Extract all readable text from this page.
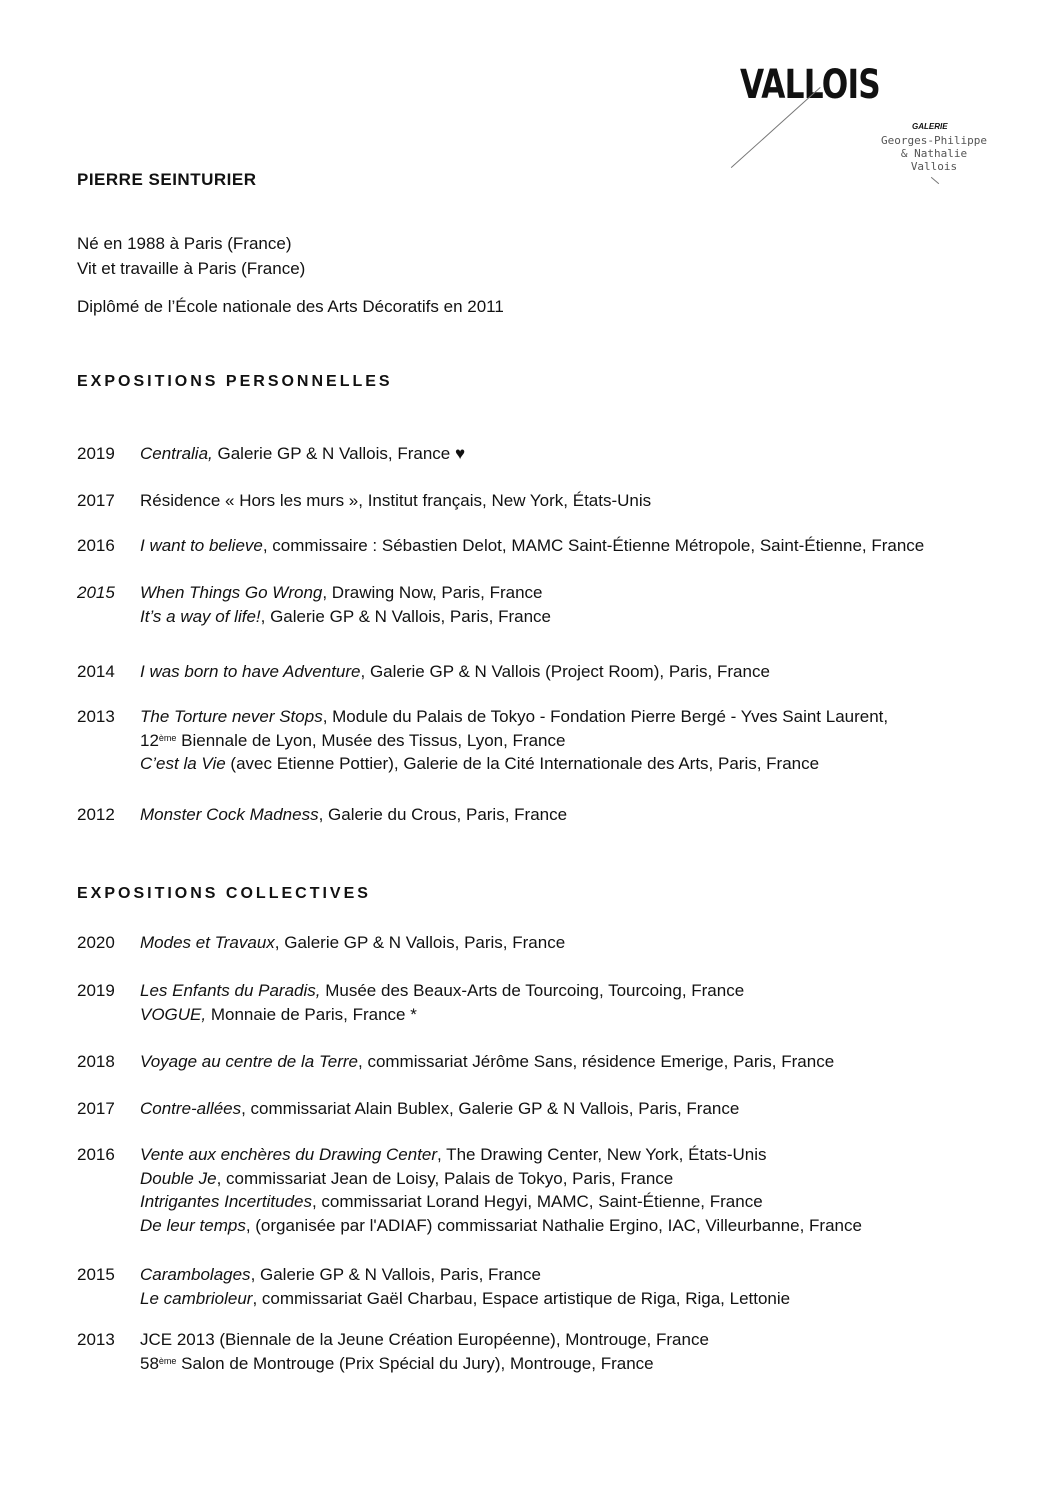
VALLOIS
GALERIE
Georges-Philippe
& Nathalie
Vallois
PIERRE SEINTURIER
Né en 1988 à Paris (France)
Vit et travaille à Paris (France)
Diplômé de l’École nationale des Arts Décoratifs en 2011
EXPOSITIONS PERSONNELLES
EXPOSITIONS COLLECTIVES
2019	Centralia, Galerie GP & N Vallois, France ♥
2017	Résidence « Hors les murs », Institut français, New York, États-Unis
2016	I want to believe, commissaire : Sébastien Delot, MAMC Saint-Étienne Métropole, Saint-Étienne, France
2015	When Things Go Wrong, Drawing Now, Paris, France
It’s a way of life!, Galerie GP & N Vallois, Paris, France
2014	I was born to have Adventure, Galerie GP & N Vallois (Project Room), Paris, France
2013	The Torture never Stops, Module du Palais de Tokyo - Fondation Pierre Bergé - Yves Saint Laurent,
12ème Biennale de Lyon, Musée des Tissus, Lyon, France
C’est la Vie (avec Etienne Pottier), Galerie de la Cité Internationale des Arts, Paris, France
2012	Monster Cock Madness, Galerie du Crous, Paris, France
2020	Modes et Travaux, Galerie GP & N Vallois, Paris, France
2019	Les Enfants du Paradis, Musée des Beaux-Arts de Tourcoing, Tourcoing, France
VOGUE, Monnaie de Paris, France *
2018	Voyage au centre de la Terre, commissariat Jérôme Sans, résidence Emerige, Paris, France
2017	Contre-allées, commissariat Alain Bublex, Galerie GP & N Vallois, Paris, France
2016	Vente aux enchères du Drawing Center, The Drawing Center, New York, États-Unis
Double Je, commissariat Jean de Loisy, Palais de Tokyo, Paris, France
Intrigantes Incertitudes, commissariat Lorand Hegyi, MAMC, Saint-Étienne, France
De leur temps, (organisée par l'ADIAF) commissariat Nathalie Ergino, IAC, Villeurbanne, France
2015	Carambolages, Galerie GP & N Vallois, Paris, France
Le cambrioleur, commissariat Gaël Charbau, Espace artistique de Riga, Riga, Lettonie
2013	JCE 2013 (Biennale de la Jeune Création Européenne), Montrouge, France
58ème Salon de Montrouge (Prix Spécial du Jury), Montrouge, France
